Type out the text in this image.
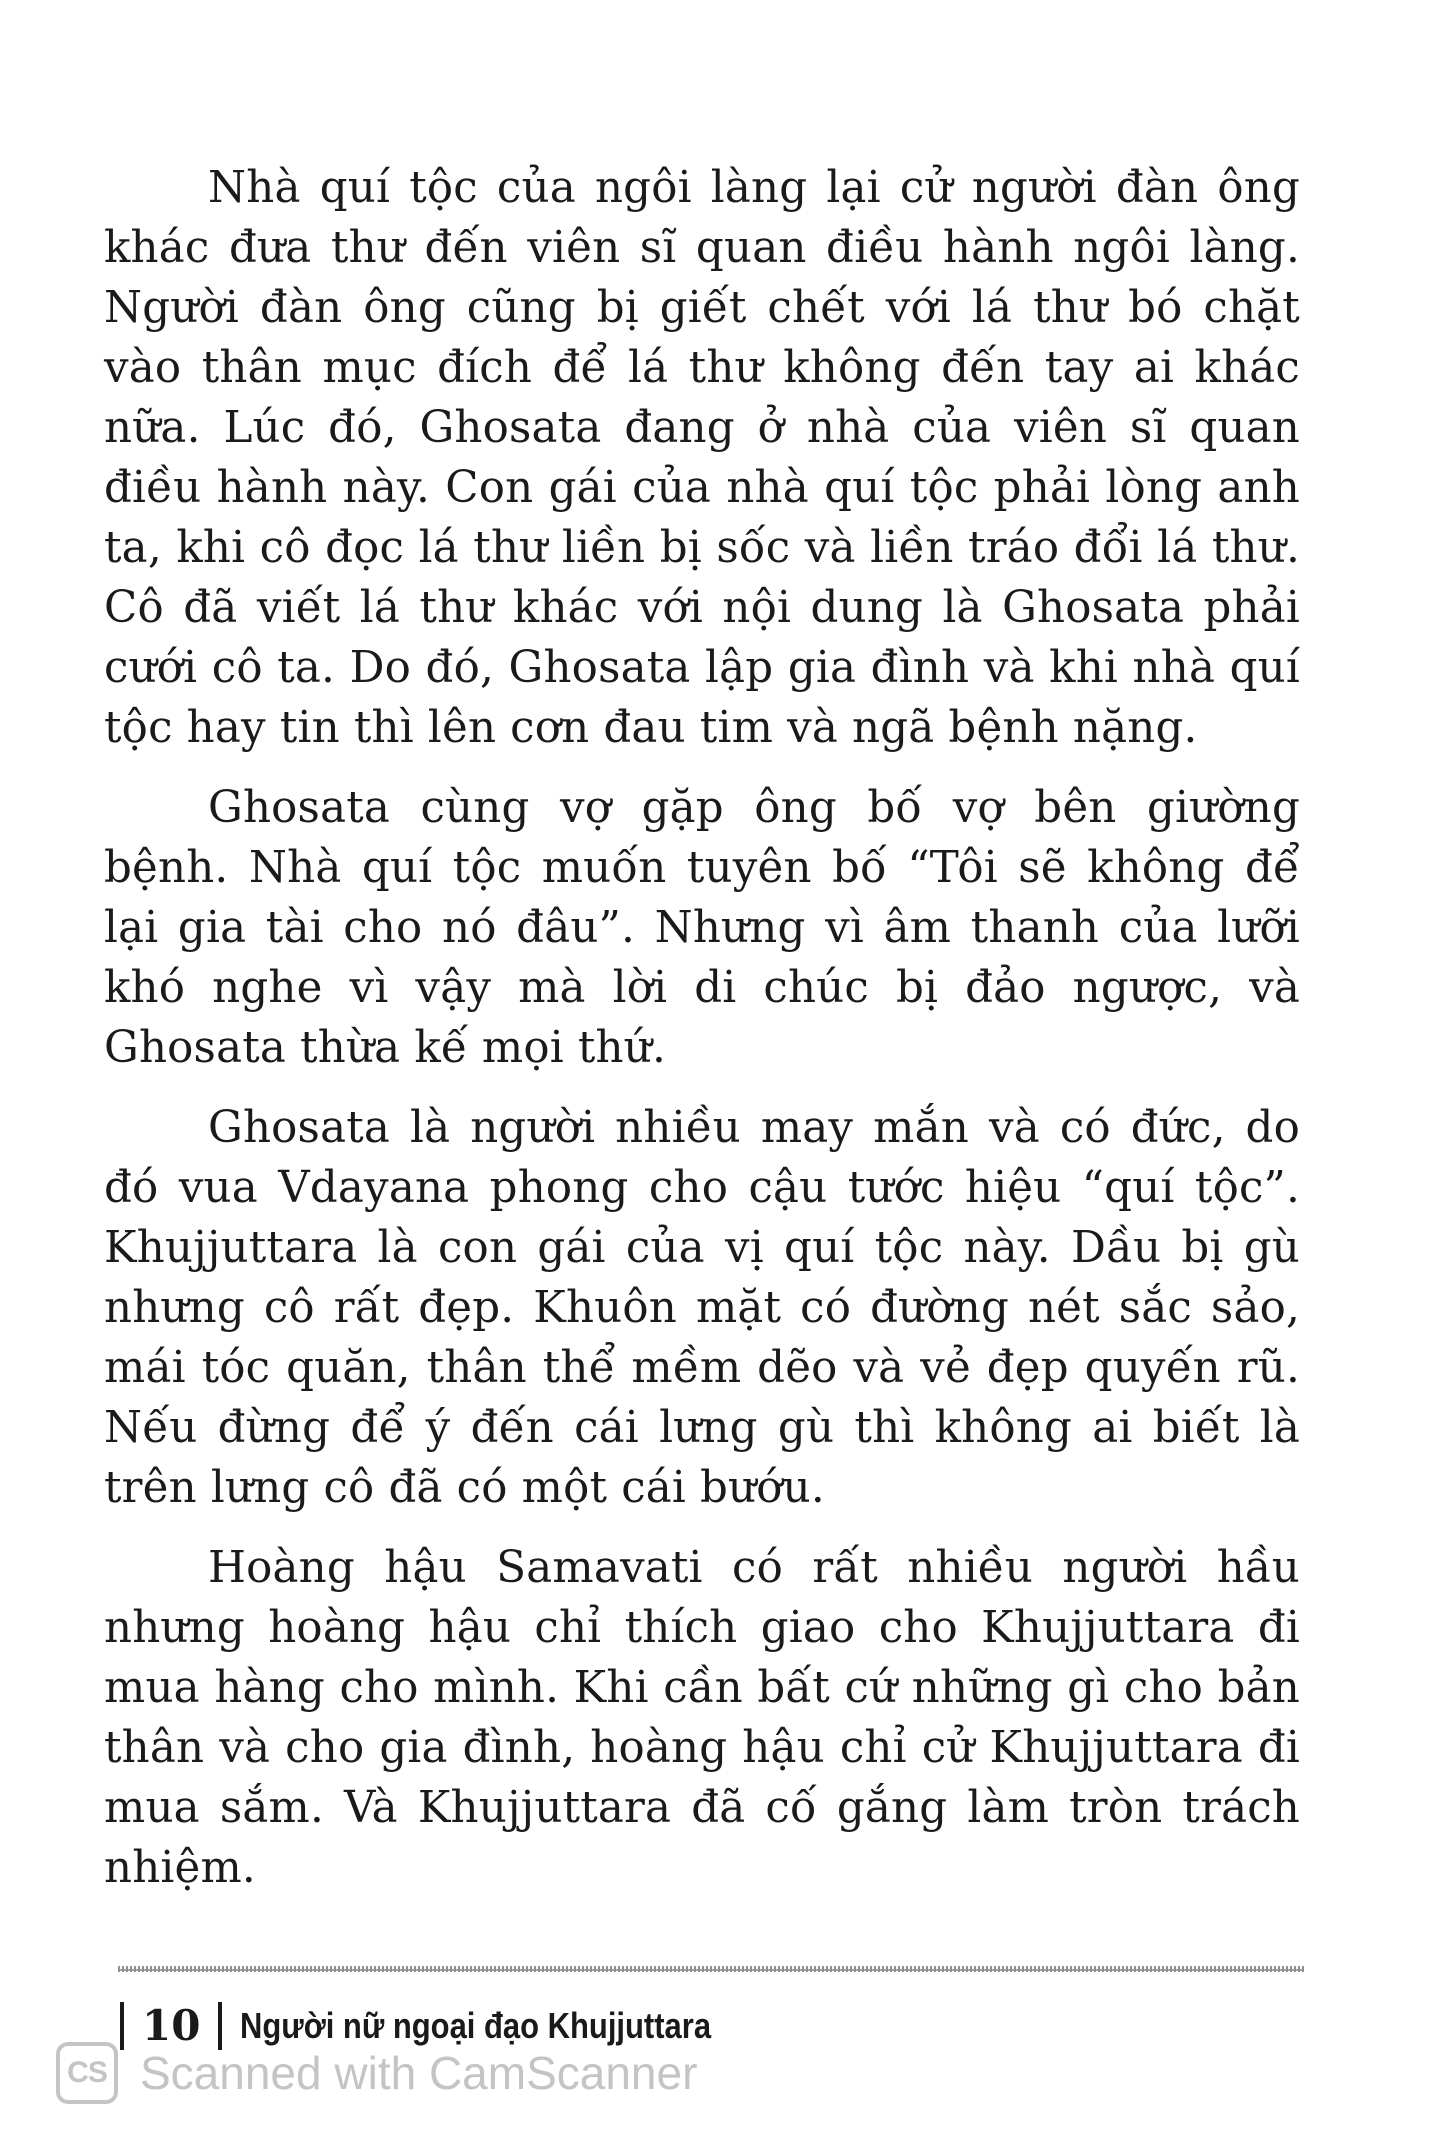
Nhà quí tộc của ngôi làng lại cử người đàn ông khác đưa thư đến viên sĩ quan điều hành ngôi làng. Người đàn ông cũng bị giết chết với lá thư bó chặt vào thân mục đích để lá thư không đến tay ai khác nữa. Lúc đó, Ghosata đang ở nhà của viên sĩ quan điều hành này. Con gái của nhà quí tộc phải lòng anh ta, khi cô đọc lá thư liền bị sốc và liền tráo đổi lá thư. Cô đã viết lá thư khác với nội dung là Ghosata phải cưới cô ta. Do đó, Ghosata lập gia đình và khi nhà quí tộc hay tin thì lên cơn đau tim và ngã bệnh nặng.

Ghosata cùng vợ gặp ông bố vợ bên giường bệnh. Nhà quí tộc muốn tuyên bố “Tôi sẽ không để lại gia tài cho nó đâu”. Nhưng vì âm thanh của lưỡi khó nghe vì vậy mà lời di chúc bị đảo ngược, và Ghosata thừa kế mọi thứ.

Ghosata là người nhiều may mắn và có đức, do đó vua Vdayana phong cho cậu tước hiệu “quí tộc”. Khujjuttara là con gái của vị quí tộc này. Dầu bị gù nhưng cô rất đẹp. Khuôn mặt có đường nét sắc sảo, mái tóc quăn, thân thể mềm dẽo và vẻ đẹp quyến rũ. Nếu đừng để ý đến cái lưng gù thì không ai biết là trên lưng cô đã có một cái bướu.

Hoàng hậu Samavati có rất nhiều người hầu nhưng hoàng hậu chỉ thích giao cho Khujjuttara đi mua hàng cho mình. Khi cần bất cứ những gì cho bản thân và cho gia đình, hoàng hậu chỉ cử Khujjuttara đi mua sắm. Và Khujjuttara đã cố gắng làm tròn trách nhiệm.

10 Người nữ ngoại đạo Khujjuttara
CS Scanned with CamScanner
